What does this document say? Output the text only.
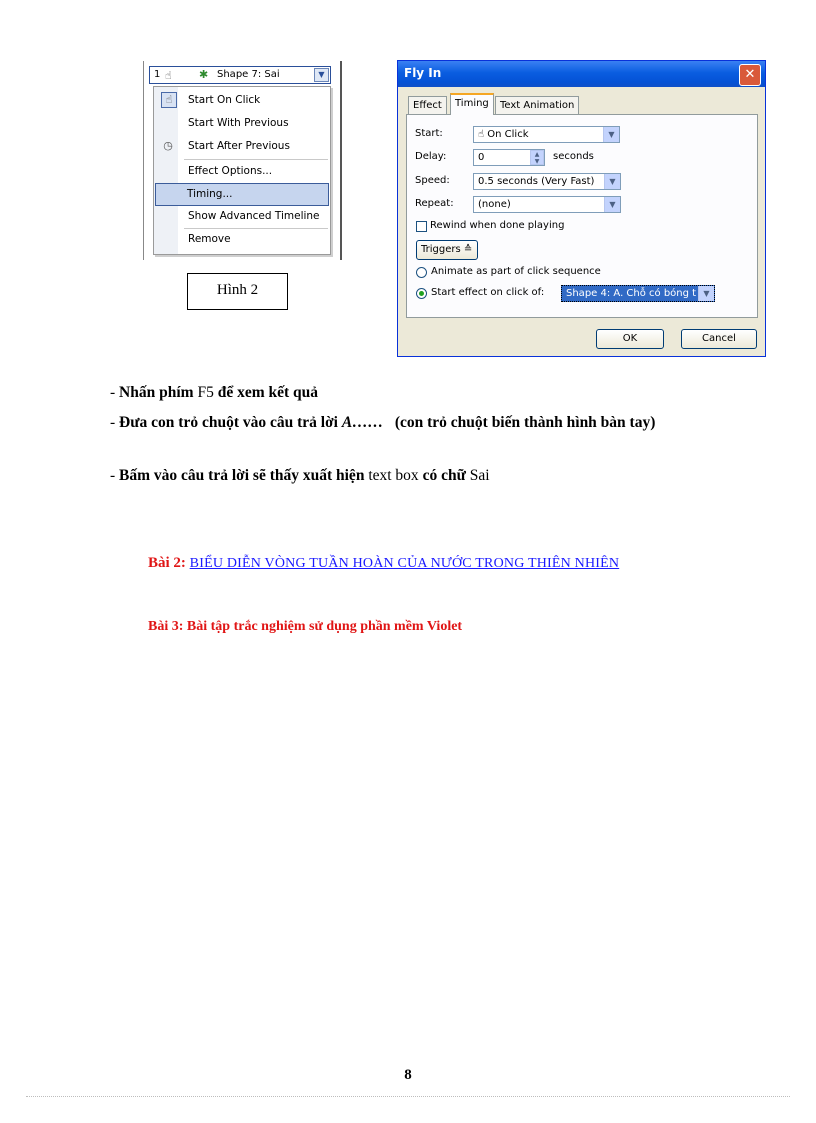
1 ☝ ✱ Shape 7: Sai	▼
☝	Start On Click
Start With Previous
◷ Start After Previous
Effect Options...
Timing...
Show Advanced Timeline
Remove
Hình 2
Fly In	✕
Effect	Timing	Text Animation
Start:	☝ On Click	▼
Delay:	0	▲
▼	seconds
Speed:	0.5 seconds (Very Fast)	▼
Repeat:	(none)	▼
Rewind when done playing
Triggers ≙
Animate as part of click sequence
Start effect on click of:	Shape 4: A. Chỗ có bóng t ▼
OK	Cancel
- Nhấn phím F5 để xem kết quả
- Đưa con trỏ chuột vào câu trả lời A…… (con trỏ chuột biến thành hình bàn tay)
- Bấm vào câu trả lời sẽ thấy xuất hiện text box có chữ Sai
Bài 2: BIỂU DIỄN VÒNG TUẦN HOÀN CỦA NƯỚC TRONG THIÊN NHIÊN
Bài 3: Bài tập trắc nghiệm sử dụng phần mềm Violet
8
